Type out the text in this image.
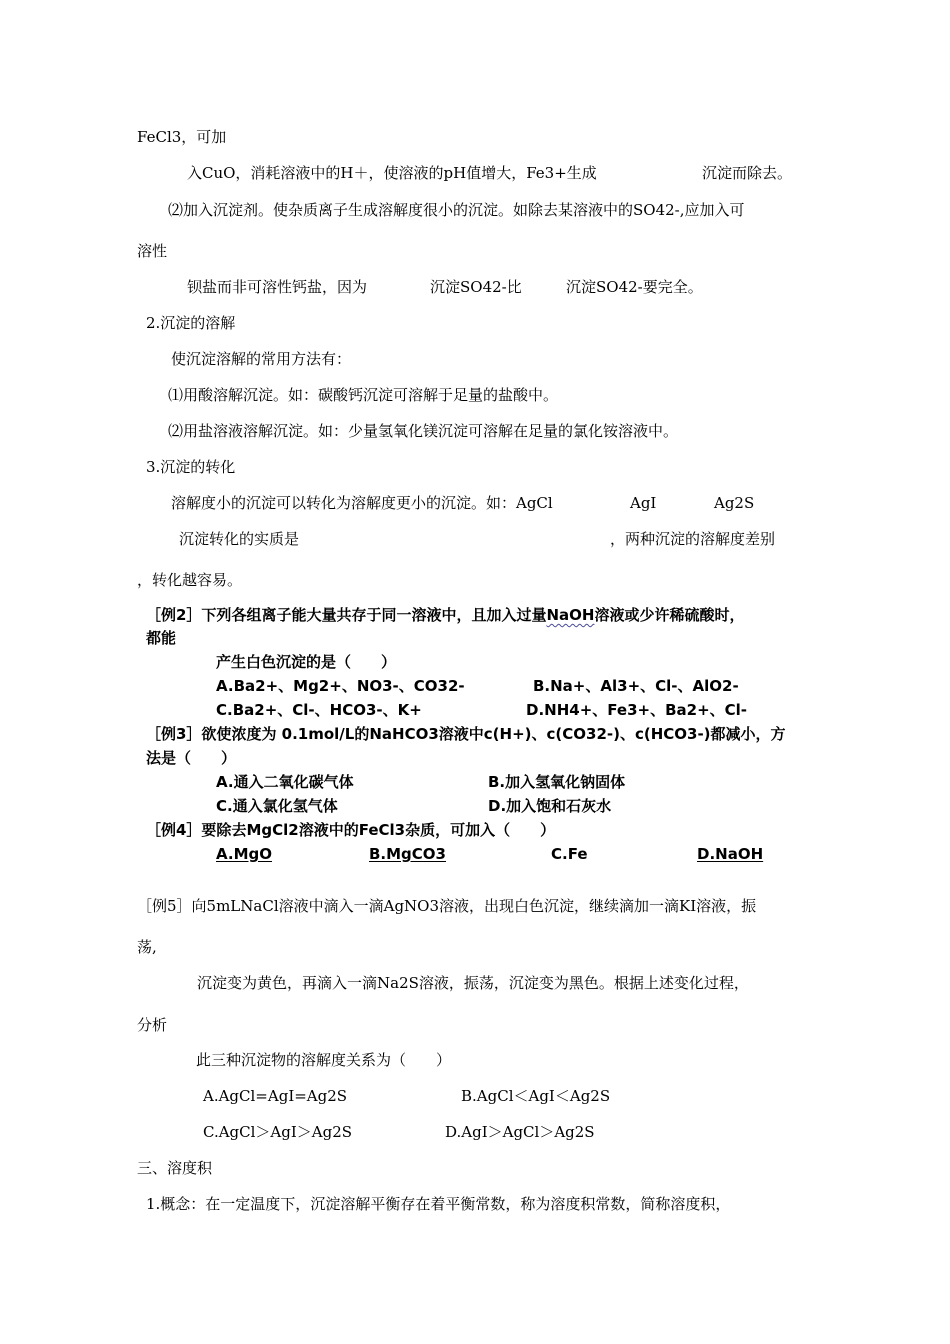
FeCl3，可加
入CuO，消耗溶液中的H＋，使溶液的pH值增大，Fe3+生成	沉淀而除去。
⑵加入沉淀剂。使杂质离子生成溶解度很小的沉淀。如除去某溶液中的SO42-,应加入可
溶性
钡盐而非可溶性钙盐，因为	沉淀SO42-比	沉淀SO42-要完全。
2.沉淀的溶解
使沉淀溶解的常用方法有：
⑴用酸溶解沉淀。如：碳酸钙沉淀可溶解于足量的盐酸中。
⑵用盐溶液溶解沉淀。如：少量氢氧化镁沉淀可溶解在足量的氯化铵溶液中。
3.沉淀的转化
溶解度小的沉淀可以转化为溶解度更小的沉淀。如：AgCl	AgI	Ag2S
沉淀转化的实质是	，两种沉淀的溶解度差别
，转化越容易。
［例2］下列各组离子能大量共存于同一溶液中，且加入过量NaOH溶液或少许稀硫酸时，
都能
产生白色沉淀的是（　　）
A.Ba2+、Mg2+、NO3-、CO32-	B.Na+、Al3+、Cl-、AlO2-
C.Ba2+、Cl-、HCO3-、K+	D.NH4+、Fe3+、Ba2+、Cl-
［例3］欲使浓度为 0.1mol/L的NaHCO3溶液中c(H+)、c(CO32-)、c(HCO3-)都减小，方
法是（　　）
A.通入二氧化碳气体	B.加入氢氧化钠固体
C.通入氯化氢气体	D.加入饱和石灰水
［例4］要除去MgCl2溶液中的FeCl3杂质，可加入（　　）
A.MgO	B.MgCO3	C.Fe	D.NaOH
［例5］向5mLNaCl溶液中滴入一滴AgNO3溶液，出现白色沉淀，继续滴加一滴KI溶液，振
荡,
沉淀变为黄色，再滴入一滴Na2S溶液，振荡，沉淀变为黑色。根据上述变化过程，
分析
此三种沉淀物的溶解度关系为（　　）
A.AgCl=AgI=Ag2S	B.AgCl＜AgI＜Ag2S
C.AgCl＞AgI＞Ag2S	D.AgI＞AgCl＞Ag2S
三、溶度积
1.概念：在一定温度下，沉淀溶解平衡存在着平衡常数，称为溶度积常数，简称溶度积，
